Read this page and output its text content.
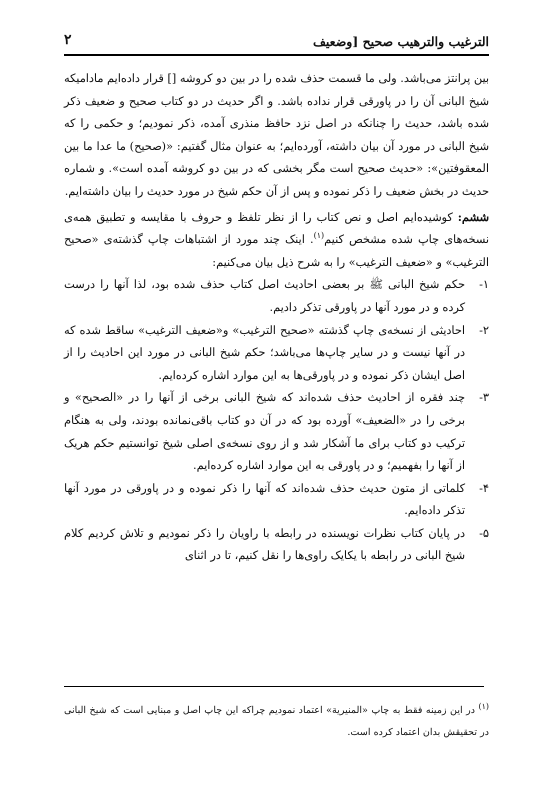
الترغيب والترهيب صحيح [وضعيف
۲

بين پرانتز می‌باشد. ولی ما قسمت حذف شده را در بين دو کروشه [] قرار داده‌ايم مادامیکه شيخ البانی آن را در پاورقی قرار نداده باشد. و اگر حديث در دو کتاب صحيح و ضعيف ذکر شده باشد، حديث را چنانکه در اصل نزد حافظ منذری آمده، ذکر نموديم؛ و حکمی را که شيخ البانی در مورد آن بيان داشته، آورده‌ايم؛ به عنوان مثال گفتيم: «(صحيح) ما عدا ما بين المعقوفتين»: «حديث صحيح است مگر بخشی که در بين دو کروشه آمده است». و شماره حديث در بخش ضعيف را ذکر نموده و پس از آن حکم شيخ در مورد حديث را بيان داشته‌ايم.

ششم: کوشيده‌ايم اصل و نص کتاب را از نظر تلفظ و حروف با مقايسه و تطبيق همه‌ی نسخه‌های چاپ شده مشخص کنيم$^{(۱)}$. اينک چند مورد از اشتباهات چاپ گذشته‌ی «صحيح الترغيب» و «ضعيف الترغيب» را به شرح ذيل بيان می‌کنيم:

۱-
حکم شيخ البانی ﷺ بر بعضی احاديث اصل کتاب حذف شده بود، لذا آنها را درست کرده و در مورد آنها در پاورقی تذکر داديم.
۲-
احاديثی از نسخه‌ی چاپ گذشته «صحيح الترغيب» و«ضعيف الترغيب» ساقط شده که در آنها نيست و در ساير چاپ‌ها می‌باشد؛ حکم شيخ البانی در مورد اين احاديث را از اصل ايشان ذکر نموده و در پاورقی‌ها به اين موارد اشاره کرده‌ايم.
۳-
چند فقره از احاديث حذف شده‌اند که شيخ البانی برخی از آنها را در «الصحيح» و برخی را در «الضعيف» آورده بود که در آن دو کتاب باقی‌نمانده بودند، ولی به هنگام ترکيب دو کتاب برای ما آشکار شد و از روی نسخه‌ی اصلی شيخ توانستيم حکم هريک از آنها را بفهميم؛ و در پاورقی به اين موارد اشاره کرده‌ايم.
۴-
کلماتی از متون حديث حذف شده‌اند که آنها را ذکر نموده و در پاورقی در مورد آنها تذکر داده‌ايم.
۵-
در پايان کتاب نظرات نويسنده در رابطه با راويان را ذکر نموديم و تلاش کرديم کلام شيخ البانی در رابطه با يکايک راوی‌ها را نقل کنيم، تا در اثنای
$^{(۱)}$ در اين زمينه فقط به چاپ «المنيرية» اعتماد نموديم چراکه اين چاپ اصل و مبنايی است که شيخ البانی در تحقيقش بدان اعتماد کرده است.
